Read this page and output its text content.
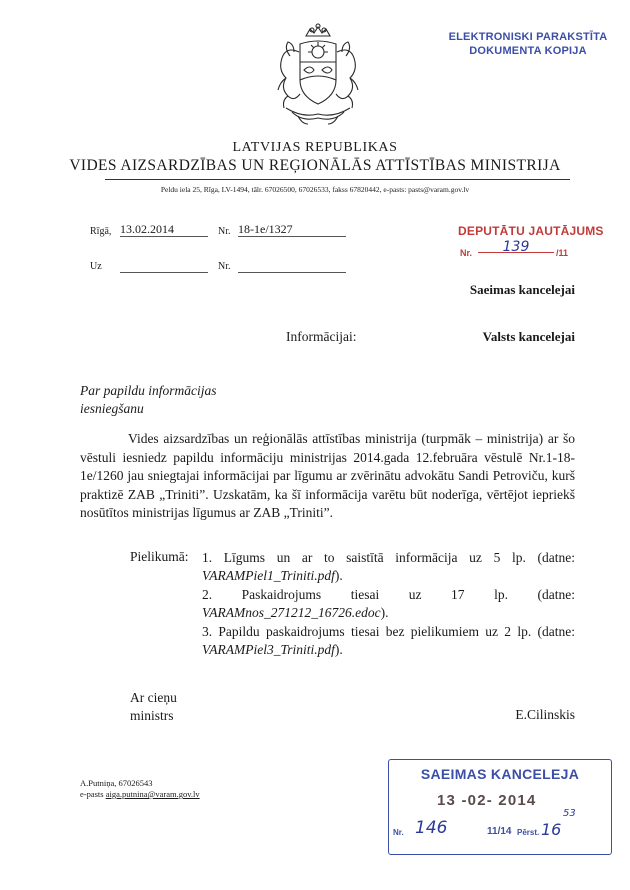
ELEKTRONISKI PARAKSTĪTA
DOKUMENTA KOPIJA
LATVIJAS REPUBLIKAS
VIDES AIZSARDZĪBAS UN REĢIONĀLĀS ATTĪSTĪBAS MINISTRIJA
Peldu iela 25, Rīga, LV-1494, tālr. 67026500, 67026533, fakss 67820442, e-pasts: pasts@varam.gov.lv
Rīgā, 13.02.2014	Nr. 18-1e/1327
Uz	Nr.
DEPUTĀTU JAUTĀJUMS
Nr.	139	/11
Saeimas kancelejai
Informācijai:	Valsts kancelejai
Par papildu informācijas
iesniegšanu

Vides aizsardzības un reģionālās attīstības ministrija (turpmāk – ministrija) ar šo vēstuli iesniedz papildu informāciju ministrijas 2014.gada 12.februāra vēstulē Nr.1-18-1e/1260 jau sniegtajai informācijai par līgumu ar zvērinātu advokātu Sandi Petroviču, kurš praktizē ZAB „Triniti”. Uzskatām, ka šī informācija varētu būt noderīga, vērtējot iepriekš nosūtītos ministrijas līgumus ar ZAB „Triniti”.

Pielikumā: 1. Līgums un ar to saistītā informācija uz 5 lp. (datne: VARAMPiel1_Triniti.pdf).

2. Paskaidrojums tiesai uz 17 lp. (datne: VARAMnos_271212_16726.edoc).

3. Papildu paskaidrojums tiesai bez pielikumiem uz 2 lp. (datne: VARAMPiel3_Triniti.pdf).

Ar cieņu
ministrs	E.Cilinskis
A.Putniņa, 67026543
e-pasts aiga.putnina@varam.gov.lv
SAEIMAS KANCELEJA
13 -02- 2014
Nr. 146	11/14 Pērst. 16
53
